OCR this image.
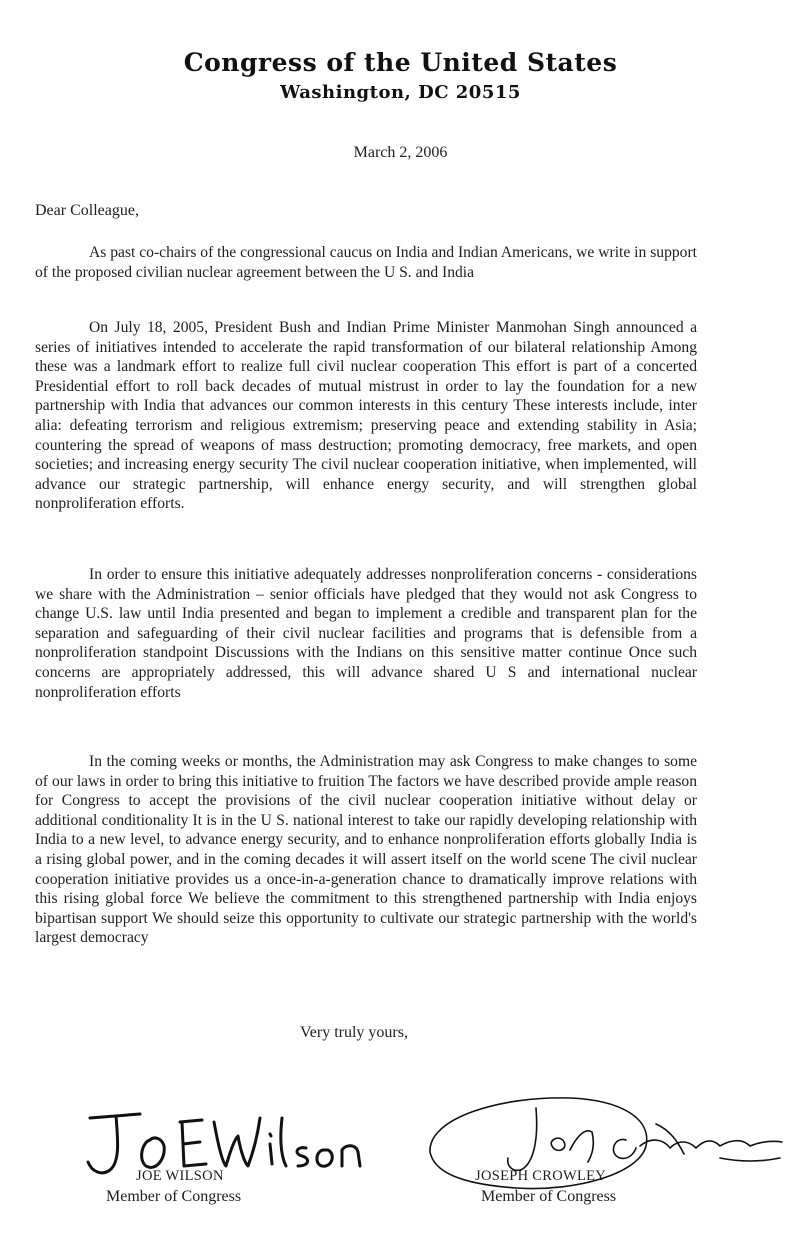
Congress of the United States
Washington, DC 20515
March 2, 2006
Dear Colleague,
As past co-chairs of the congressional caucus on India and Indian Americans, we write in support of the proposed civilian nuclear agreement between the U S. and India
On July 18, 2005, President Bush and Indian Prime Minister Manmohan Singh announced a series of initiatives intended to accelerate the rapid transformation of our bilateral relationship Among these was a landmark effort to realize full civil nuclear cooperation This effort is part of a concerted Presidential effort to roll back decades of mutual mistrust in order to lay the foundation for a new partnership with India that advances our common interests in this century These interests include, inter alia: defeating terrorism and religious extremism; preserving peace and extending stability in Asia; countering the spread of weapons of mass destruction; promoting democracy, free markets, and open societies; and increasing energy security The civil nuclear cooperation initiative, when implemented, will advance our strategic partnership, will enhance energy security, and will strengthen global nonproliferation efforts.
In order to ensure this initiative adequately addresses nonproliferation concerns - considerations we share with the Administration – senior officials have pledged that they would not ask Congress to change U.S. law until India presented and began to implement a credible and transparent plan for the separation and safeguarding of their civil nuclear facilities and programs that is defensible from a nonproliferation standpoint Discussions with the Indians on this sensitive matter continue Once such concerns are appropriately addressed, this will advance shared U S and international nuclear nonproliferation efforts
In the coming weeks or months, the Administration may ask Congress to make changes to some of our laws in order to bring this initiative to fruition The factors we have described provide ample reason for Congress to accept the provisions of the civil nuclear cooperation initiative without delay or additional conditionality It is in the U S. national interest to take our rapidly developing relationship with India to a new level, to advance energy security, and to enhance nonproliferation efforts globally India is a rising global power, and in the coming decades it will assert itself on the world scene The civil nuclear cooperation initiative provides us a once-in-a-generation chance to dramatically improve relations with this rising global force We believe the commitment to this strengthened partnership with India enjoys bipartisan support We should seize this opportunity to cultivate our strategic partnership with the world's largest democracy
Very truly yours,
JOE WILSON
Member of Congress
JOSEPH CROWLEY
Member of Congress
